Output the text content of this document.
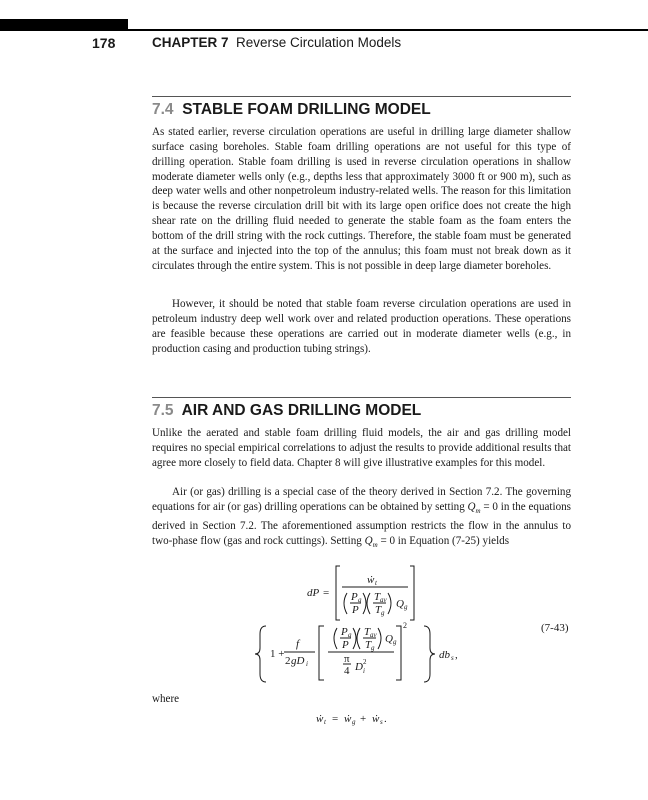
178	CHAPTER 7 Reverse Circulation Models
7.4 STABLE FOAM DRILLING MODEL

As stated earlier, reverse circulation operations are useful in drilling large diameter shallow surface casing boreholes. Stable foam drilling operations are not useful for this type of drilling operation. Stable foam drilling is used in reverse circulation operations in shallow moderate diameter wells only (e.g., depths less that approximately 3000 ft or 900 m), such as deep water wells and other nonpetroleum industry-related wells. The reason for this limitation is because the reverse circulation drill bit with its large open orifice does not create the high shear rate on the drilling fluid needed to generate the stable foam as the foam enters the bottom of the drill string with the rock cuttings. Therefore, the stable foam must be generated at the surface and injected into the top of the annulus; this foam must not break down as it circulates through the entire system. This is not possible in deep large diameter boreholes.

However, it should be noted that stable foam reverse circulation operations are used in petroleum industry deep well work over and related production operations. These operations are feasible because these operations are carried out in moderate diameter wells (e.g., in production casing and production tubing strings).

7.5 AIR AND GAS DRILLING MODEL

Unlike the aerated and stable foam drilling fluid models, the air and gas drilling model requires no special empirical correlations to adjust the results to provide additional results that agree more closely to field data. Chapter 8 will give illustrative examples for this model.

Air (or gas) drilling is a special case of the theory derived in Section 7.2. The governing equations for air (or gas) drilling operations can be obtained by setting $Q_m = 0$ in the equations derived in Section 7.2. The aforementioned assumption restricts the flow in the annulus to two-phase flow (gas and rock cuttings). Setting $Q_m = 0$ in Equation (7-25) yields

dP =
ẇ t
P g
P
T av
T g
Q g
1 +
f
2 gD i
P g
P
T av
T g
Q g
2
π
4 D 2
i
db s ,
(7-43)
where
ẇ t = ẇ g + ẇ s .
